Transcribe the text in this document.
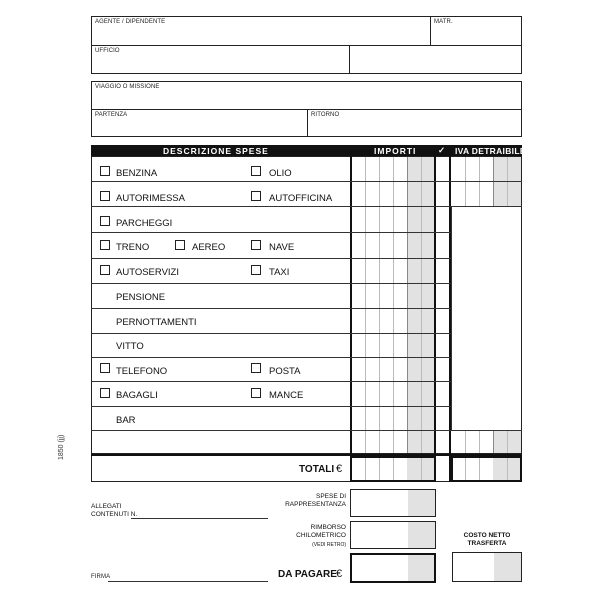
AGENTE / DIPENDENTE	MATR.
UFFICIO
VIAGGIO O MISSIONE
PARTENZA	RITORNO
DESCRIZIONE SPESE	IMPORTI	✓ IVA DETRAIBILE
BENZINA	OLIO
AUTORIMESSA	AUTOFFICINA
PARCHEGGI
TRENO	AEREO	NAVE
AUTOSERVIZI	TAXI
PENSIONE
PERNOTTAMENTI
VITTO
TELEFONO	POSTA
BAGAGLI	MANCE
BAR
TOTALI €
1850 (jj)
ALLEGATI
CONTENUTI N.
SPESE DI
RAPPRESENTANZA
RIMBORSO
CHILOMETRICO
(VEDI RETRO)
COSTO NETTO
TRASFERTA
FIRMA	DA PAGARE €
